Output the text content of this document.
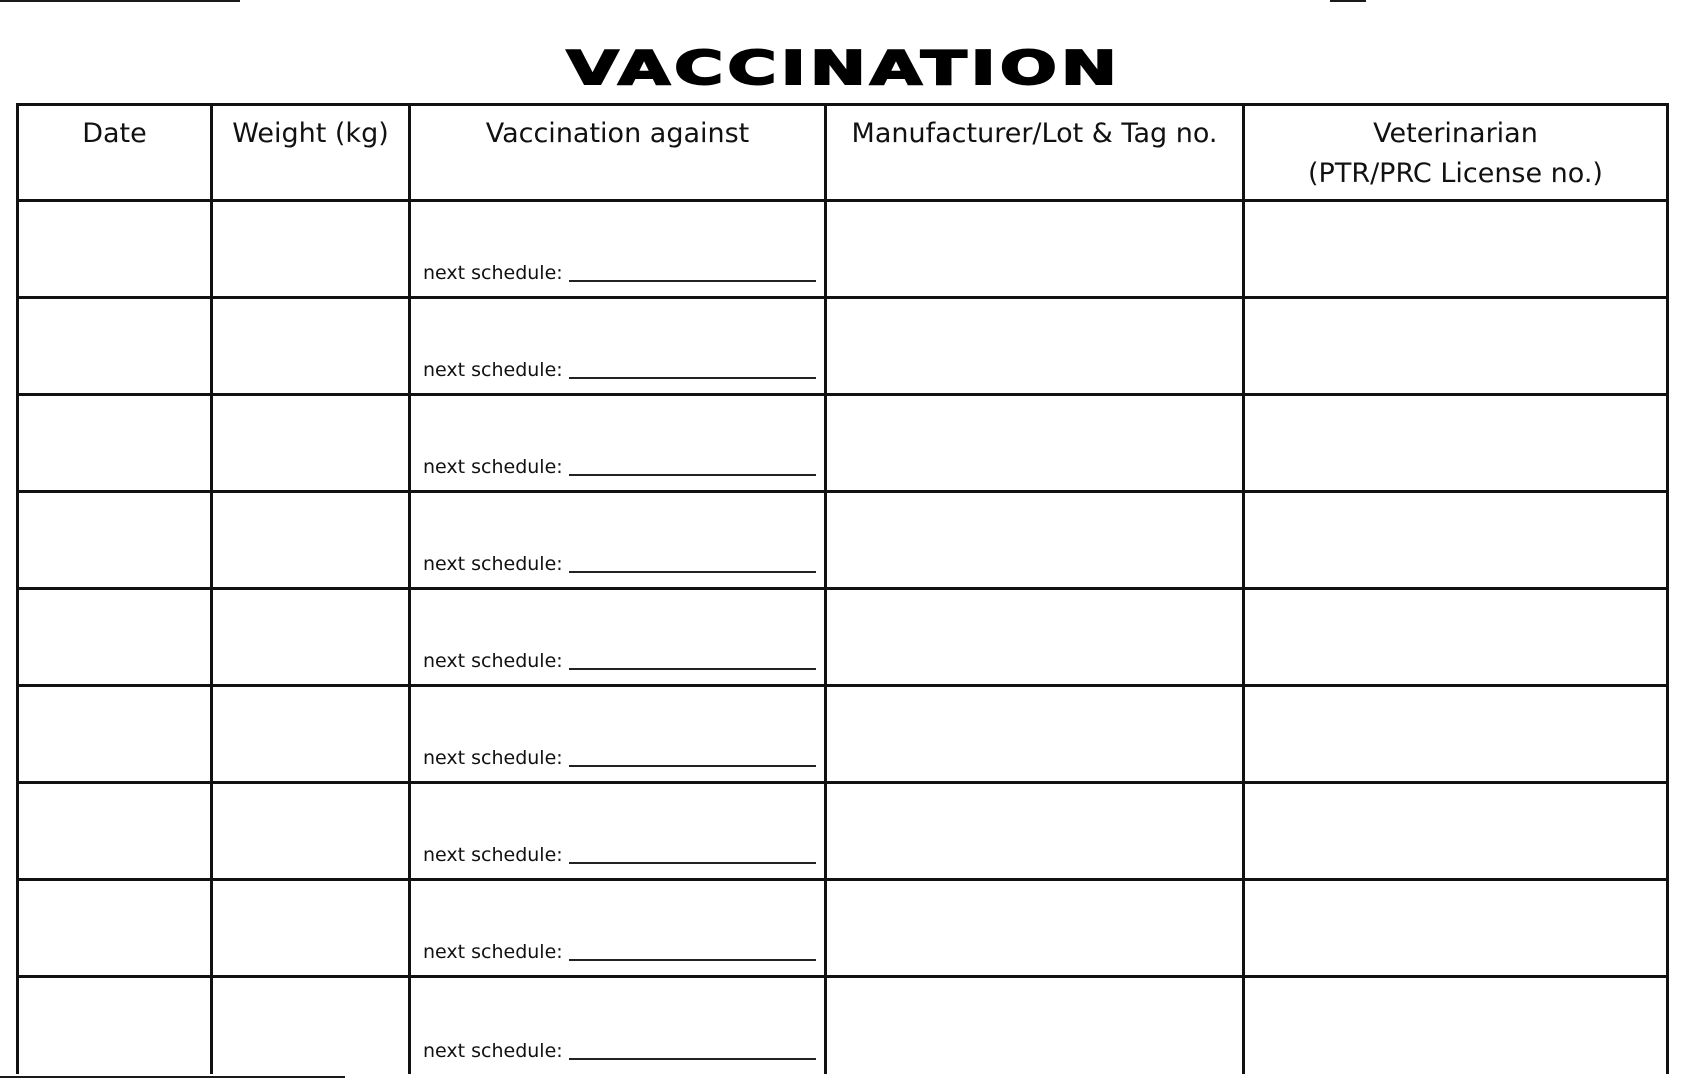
VACCINATION
Date	Weight (kg)	Vaccination against	Manufacturer/Lot & Tag no.	Veterinarian
(PTR/PRC License no.)

		next schedule:		

		next schedule:		

		next schedule:		

		next schedule:		

		next schedule:		

		next schedule:		

		next schedule:		

		next schedule:		

		next schedule:		
